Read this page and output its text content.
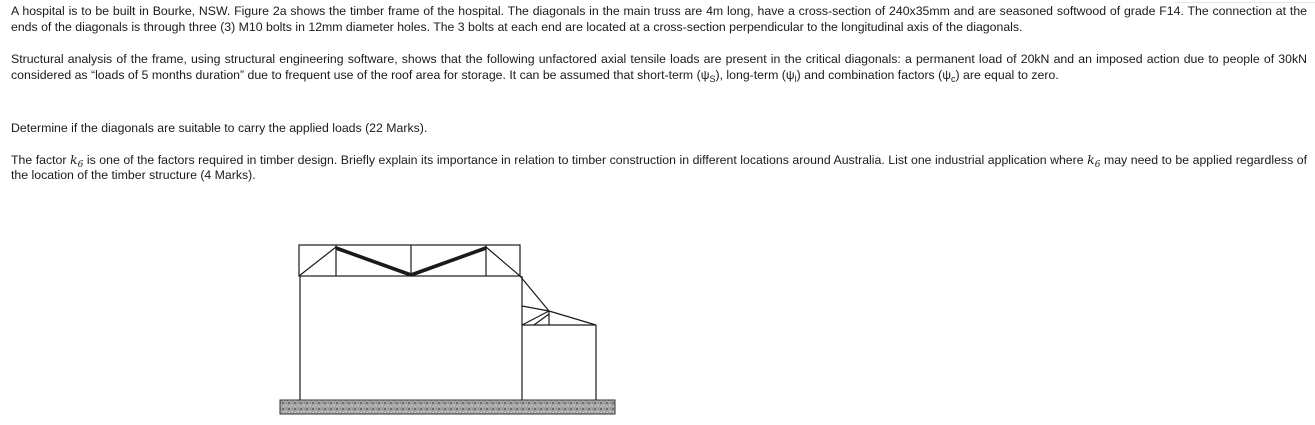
A hospital is to be built in Bourke, NSW. Figure 2a shows the timber frame of the hospital. The diagonals in the main truss are 4m long, have a cross-section of 240x35mm and are seasoned softwood of grade F14. The connection at the ends of the diagonals is through three (3) M10 bolts in 12mm diameter holes. The 3 bolts at each end are located at a cross-section perpendicular to the longitudinal axis of the diagonals.

Structural analysis of the frame, using structural engineering software, shows that the following unfactored axial tensile loads are present in the critical diagonals: a permanent load of 20kN and an imposed action due to people of 30kN considered as “loads of 5 months duration” due to frequent use of the roof area for storage. It can be assumed that short-term $(\psi_S)$, long-term $(\psi_l)$ and combination factors $(\psi_c)$ are equal to zero.

Determine if the diagonals are suitable to carry the applied loads (22 Marks).

The factor $k_6$ is one of the factors required in timber design. Briefly explain its importance in relation to timber construction in different locations around Australia. List one industrial application where $k_6$ may need to be applied regardless of the location of the timber structure (4 Marks).
